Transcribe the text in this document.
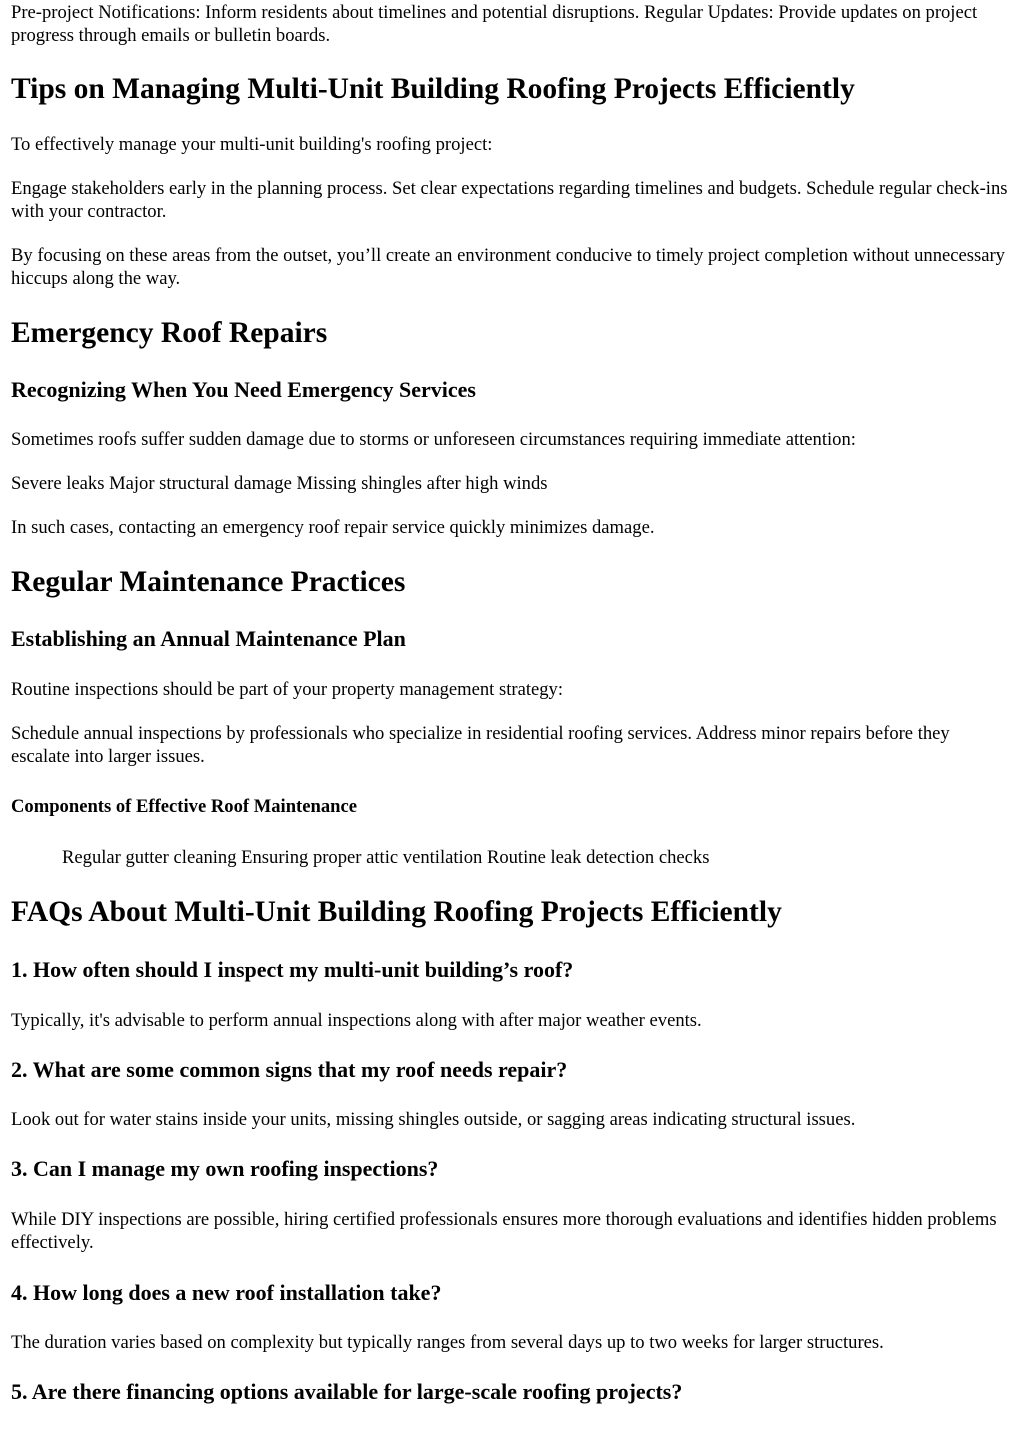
Pre-project Notifications: Inform residents about timelines and potential disruptions. Regular Updates: Provide updates on project progress through emails or bulletin boards.

Tips on Managing Multi-Unit Building Roofing Projects Efficiently

To effectively manage your multi-unit building's roofing project:

Engage stakeholders early in the planning process. Set clear expectations regarding timelines and budgets. Schedule regular check-ins with your contractor.

By focusing on these areas from the outset, you’ll create an environment conducive to timely project completion without unnecessary hiccups along the way.

Emergency Roof Repairs
Recognizing When You Need Emergency Services

Sometimes roofs suffer sudden damage due to storms or unforeseen circumstances requiring immediate attention:

Severe leaks Major structural damage Missing shingles after high winds

In such cases, contacting an emergency roof repair service quickly minimizes damage.

Regular Maintenance Practices
Establishing an Annual Maintenance Plan

Routine inspections should be part of your property management strategy:

Schedule annual inspections by professionals who specialize in residential roofing services. Address minor repairs before they escalate into larger issues.

Components of Effective Roof Maintenance

Regular gutter cleaning Ensuring proper attic ventilation Routine leak detection checks

FAQs About Multi-Unit Building Roofing Projects Efficiently
1. How often should I inspect my multi-unit building’s roof?

Typically, it's advisable to perform annual inspections along with after major weather events.

2. What are some common signs that my roof needs repair?

Look out for water stains inside your units, missing shingles outside, or sagging areas indicating structural issues.

3. Can I manage my own roofing inspections?

While DIY inspections are possible, hiring certified professionals ensures more thorough evaluations and identifies hidden problems effectively.

4. How long does a new roof installation take?

The duration varies based on complexity but typically ranges from several days up to two weeks for larger structures.

5. Are there financing options available for large-scale roofing projects?
